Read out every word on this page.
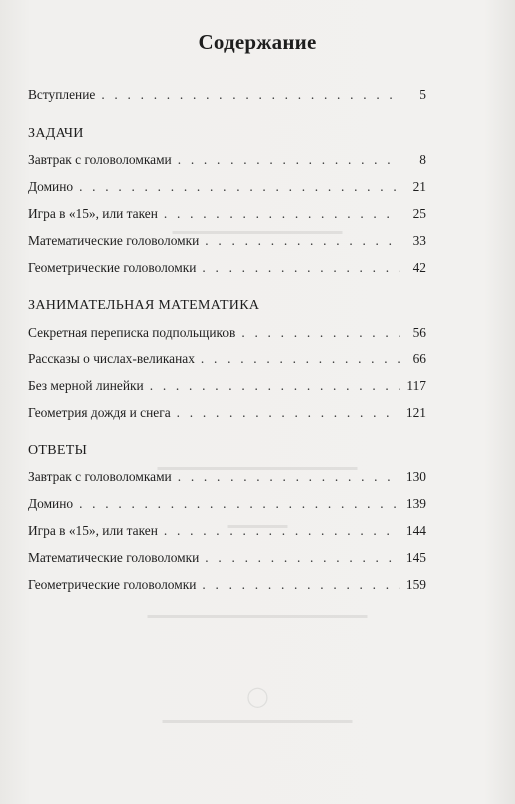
▬▬▬▬▬▬▬▬▬▬▬▬▬▬▬▬▬
▬▬▬▬▬▬▬▬▬▬▬▬▬▬▬▬▬▬▬▬
▬▬▬▬▬▬
▬▬▬▬▬▬▬▬▬▬▬▬▬▬▬▬▬▬▬▬▬▬
◯
▬▬▬▬▬▬▬▬▬▬▬▬▬▬▬▬▬▬▬
Содержание
Вступление . . .	5
ЗАДАЧИ
Завтрак с головоломками . . .	8
Домино . . .	21
Игра в «15», или такен . . .	25
Математические головоломки . . .	33
Геометрические головоломки . . .	42
ЗАНИМАТЕЛЬНАЯ МАТЕМАТИКА
Секретная переписка подпольщиков . . .	56
Рассказы о числах-великанах . . .	66
Без мерной линейки . . .	117
Геометрия дождя и снега . . .	121
ОТВЕТЫ
Завтрак с головоломками . . .	130
Домино . . .	139
Игра в «15», или такен . . .	144
Математические головоломки . . .	145
Геометрические головоломки . . .	159
